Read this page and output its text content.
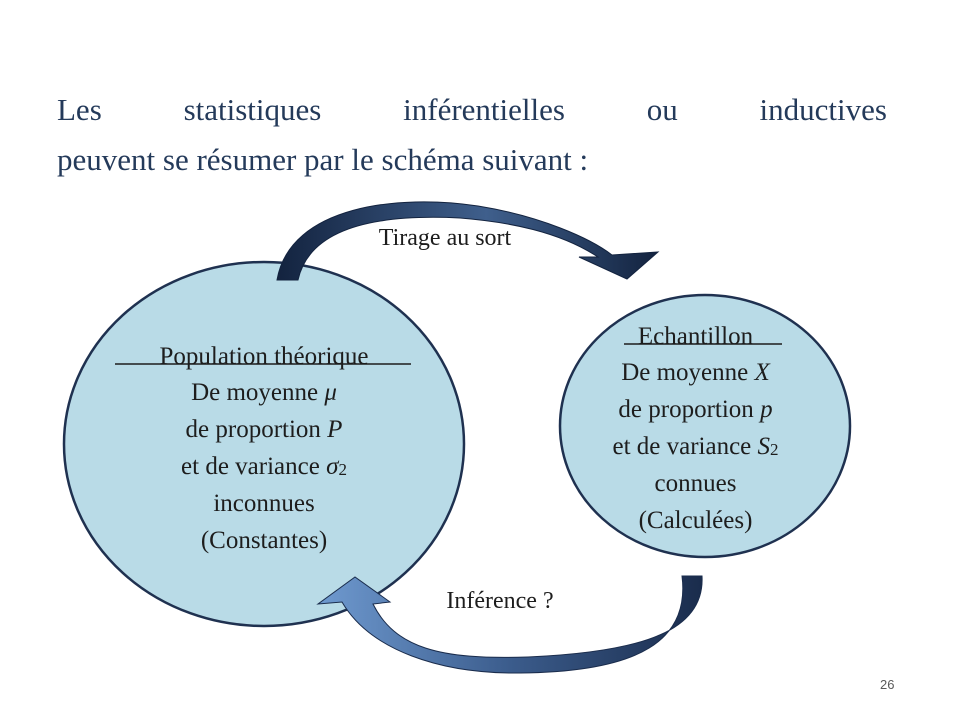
Les	statistiques	inférentielles	ou	inductives
peuvent se résumer par le schéma suivant :
Population théorique
De moyenne μ
de proportion P
et de variance σ2
inconnues
(Constantes)
Echantillon
De moyenne X
de proportion p
et de variance S2
connues
(Calculées)
Tirage au sort
Inférence ?
26
